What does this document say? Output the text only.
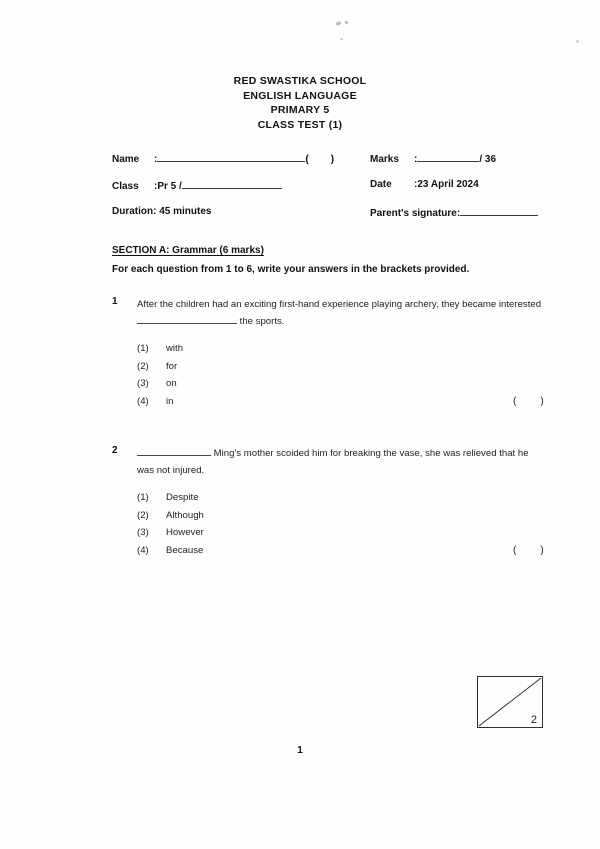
RED SWASTIKA SCHOOL
ENGLISH LANGUAGE
PRIMARY 5
CLASS TEST (1)
Name :	( )	Marks :	/ 36
Class :Pr 5 /	Date :23 April 2024
Duration: 45 minutes	Parent's signature:
SECTION A: Grammar (6 marks)
For each question from 1 to 6, write your answers in the brackets provided.
1 After the children had an exciting first-hand experience playing archery, they became interested  the sports.
(1) with
(2) for
(3) on
(4) in	( )
2	Ming's mother scoided him for breaking the vase, she was relieved that he was not injured.
(1) Despite
(2) Although
(3) However
(4) Because	( )
2
1
